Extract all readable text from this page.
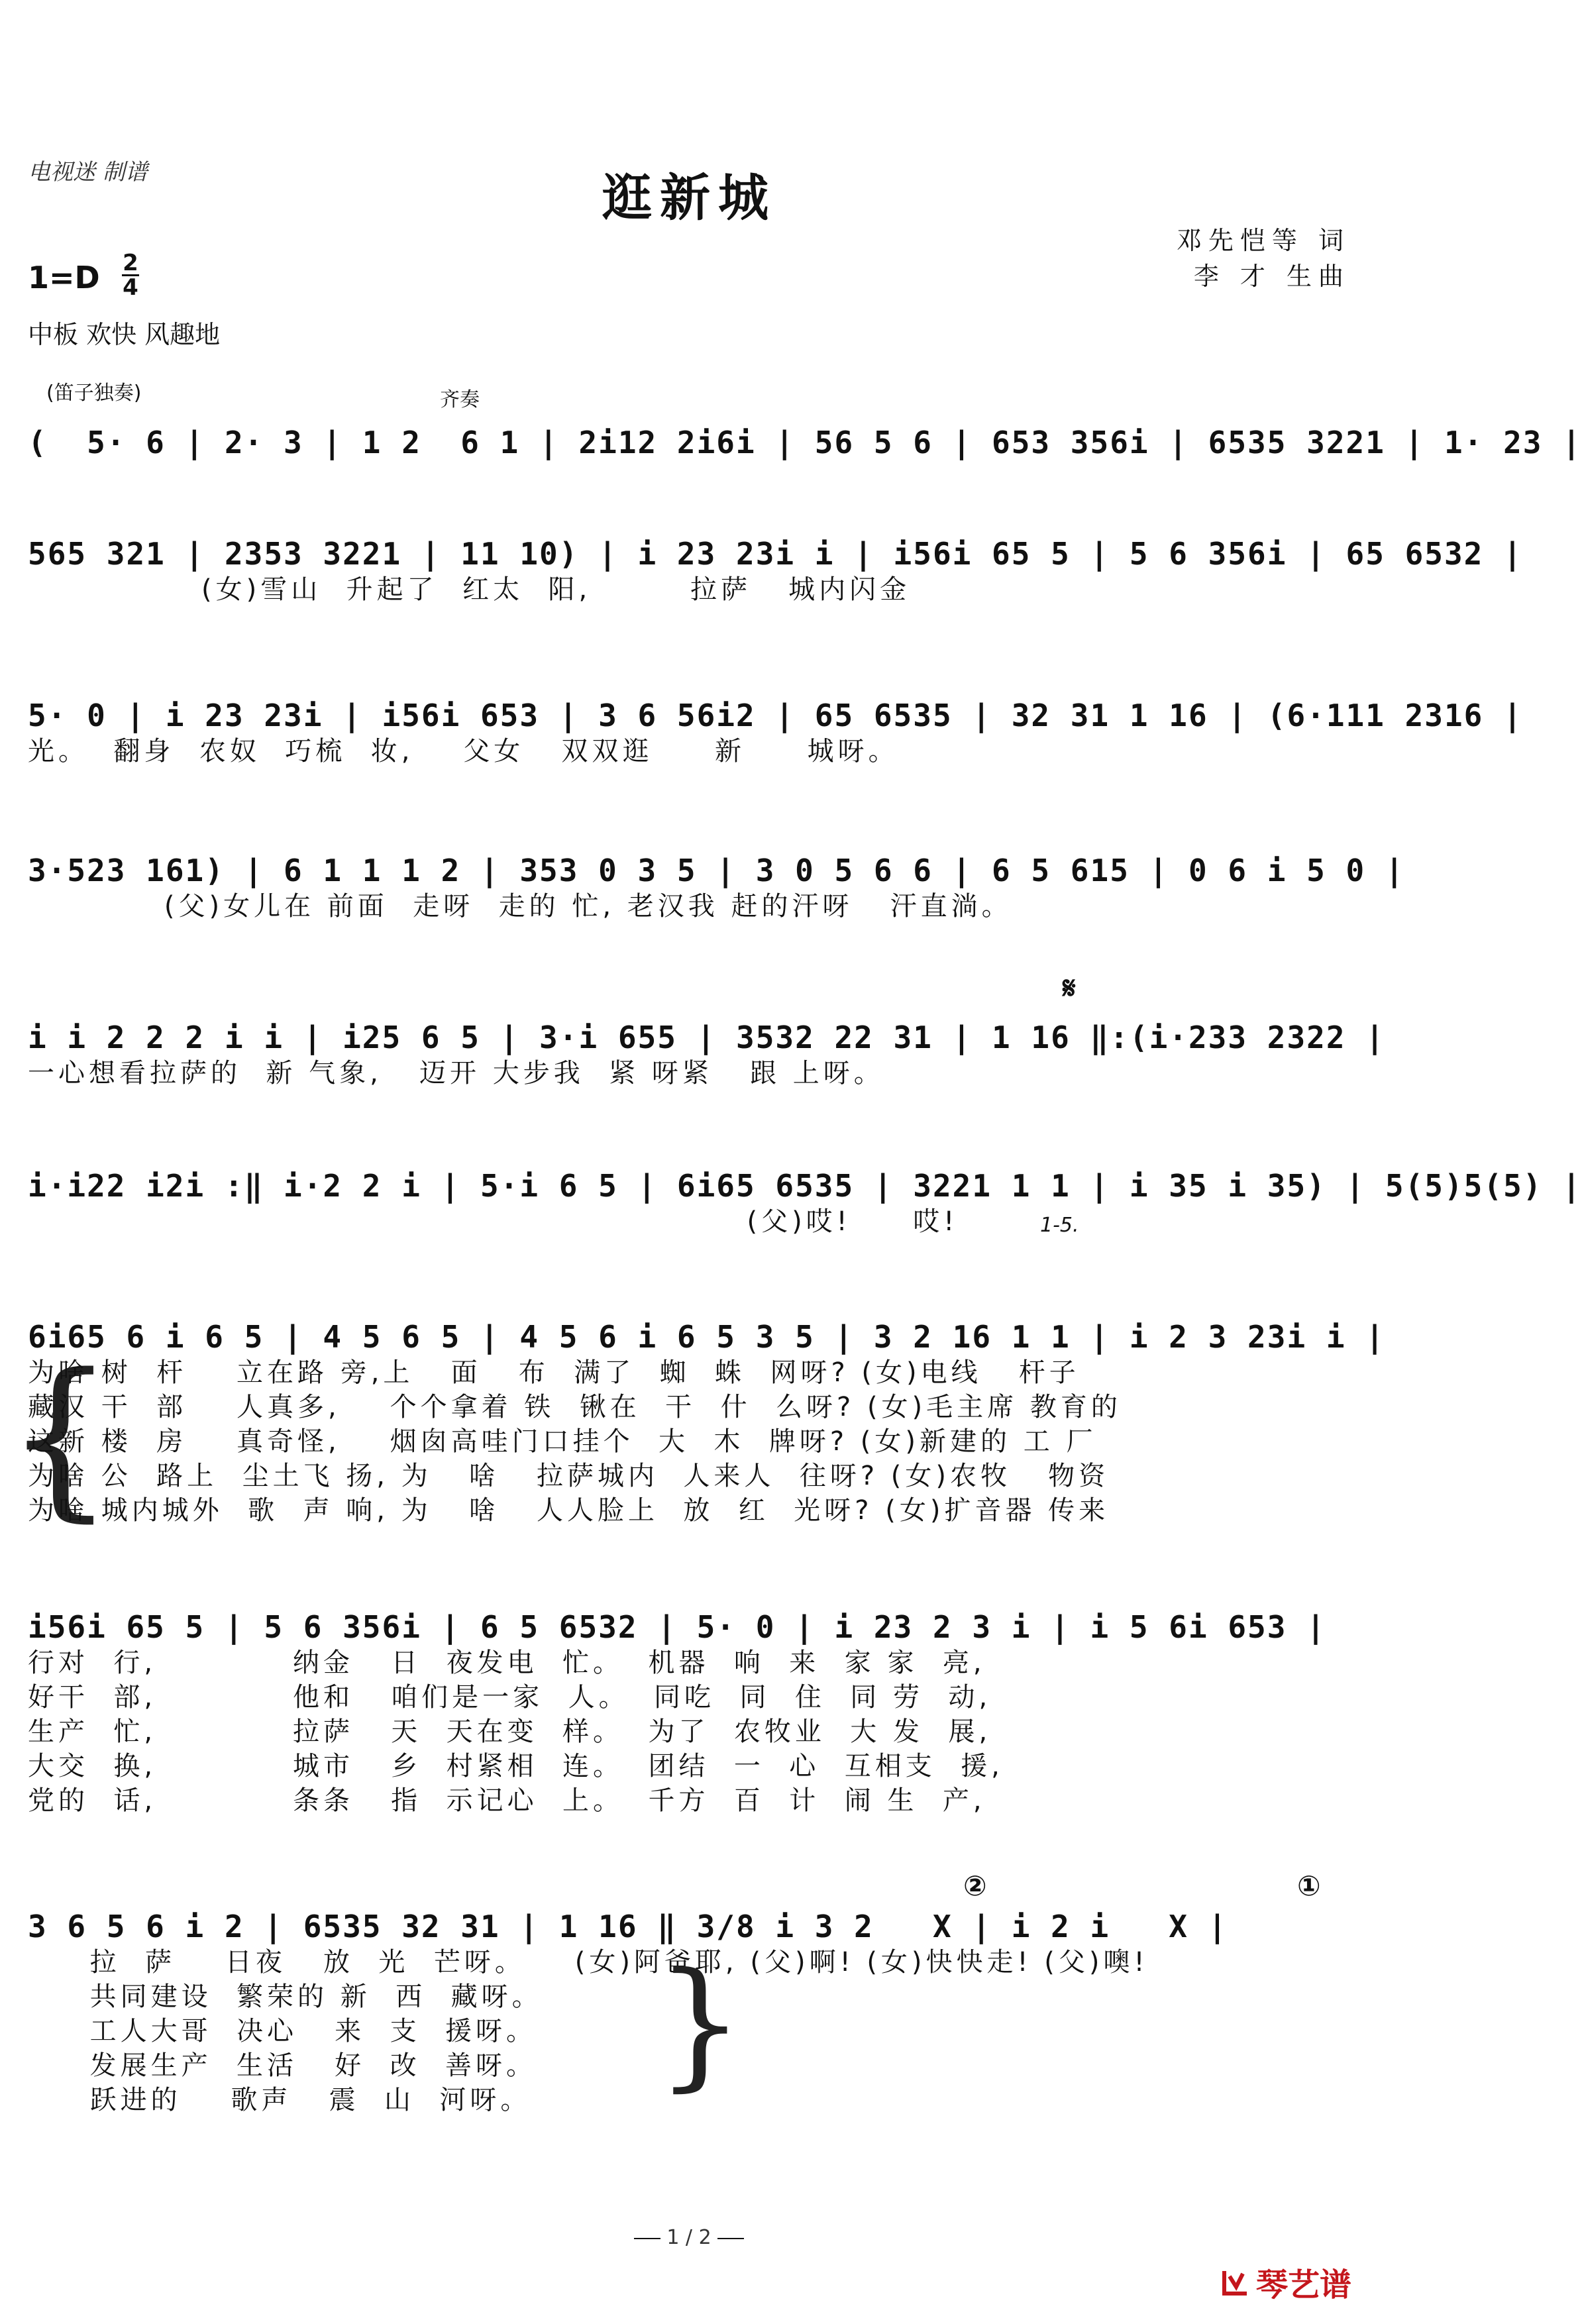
电视迷 制谱	逛新城
邓先恺等 词
李 才 生曲
1=D 2
4
中板 欢快 风趣地
(笛子独奏)	齐奏
(  5· 6 | 2· 3 | 1 2  6 1 | 2i12 2i6i | 56 5 6 | 653 356i | 6535 3221 | 1· 23 |
565 321 | 2353 3221 | 11 10) | i 23 23i i | i56i 65 5 | 5 6 356i | 65 6532 |
(女)雪山  升起了  红太  阳,        拉萨   城内闪金
5· 0 | i 23 23i | i56i 653 | 3 6 56i2 | 65 6535 | 32 31 1 16 | (6·111 2316 |
光。  翻身  农奴  巧梳  妆,    父女   双双逛     新     城呀。
3·523 161) | 6 1 1 1 2 | 353 0 3 5 | 3 0 5 6 6 | 6 5 615 | 0 6 i 5 0 |
(父)女儿在 前面  走呀  走的 忙, 老汉我 赶的汗呀   汗直淌。
𝄋
i i 2 2 2 i i | i25 6 5 | 3·i 655 | 3532 22 31 | 1 16 ‖:(i·233 2322 |
一心想看拉萨的  新 气象,   迈开 大步我  紧 呀紧   跟 上呀。
i·i22 i2i :‖ i·2 2 i | 5·i 6 5 | 6i65 6535 | 3221 1 1 | i 35 i 35) | 5(5)5(5) |
(父)哎!     哎!	1-5.
{
6i65 6 i 6 5 | 4 5 6 5 | 4 5 6 i 6 5 3 5 | 3 2 16 1 1 | i 2 3 23i i |
为啥 树  杆    立在路 旁,上   面   布  满了  蜘  蛛  网呀? (女)电线   杆子
藏汉 干  部    人真多,    个个拿着 铁  锹在  干  什  么呀? (女)毛主席 教育的
这新 楼  房    真奇怪,    烟囱高哇门口挂个  大  木  牌呀? (女)新建的 工 厂
为啥 公  路上  尘土飞 扬, 为   啥   拉萨城内  人来人  往呀? (女)农牧   物资
为啥 城内城外  歌  声 响, 为   啥   人人脸上  放  红  光呀? (女)扩音器 传来
i56i 65 5 | 5 6 356i | 6 5 6532 | 5· 0 | i 23 2 3 i | i 5 6i 653 |
行对  行,           纳金   日  夜发电  忙。  机器  响  来  家 家  亮,
好干  部,           他和   咱们是一家  人。  同吃  同  住  同 劳  动,
生产  忙,           拉萨   天  天在变  样。  为了  农牧业  大 发  展,
大交  换,           城市   乡  村紧相  连。  团结  一  心  互相支  援,
党的  话,           条条   指  示记心  上。  千方  百  计  闹 生  产,
②	①
3 6 5 6 i 2 | 6535 32 31 | 1 16 ‖ 3/8 i 3 2   X | i 2 i   X |
拉  萨    日夜   放  光  芒呀。    (女)阿爸耶, (父)啊! (女)快快走! (父)噢!
共同建设  繁荣的 新  西  藏呀。
工人大哥  决心   来  支  援呀。
发展生产  生活   好  改  善呀。
跃进的    歌声   震  山  河呀。 }
1 / 2
琴艺谱
